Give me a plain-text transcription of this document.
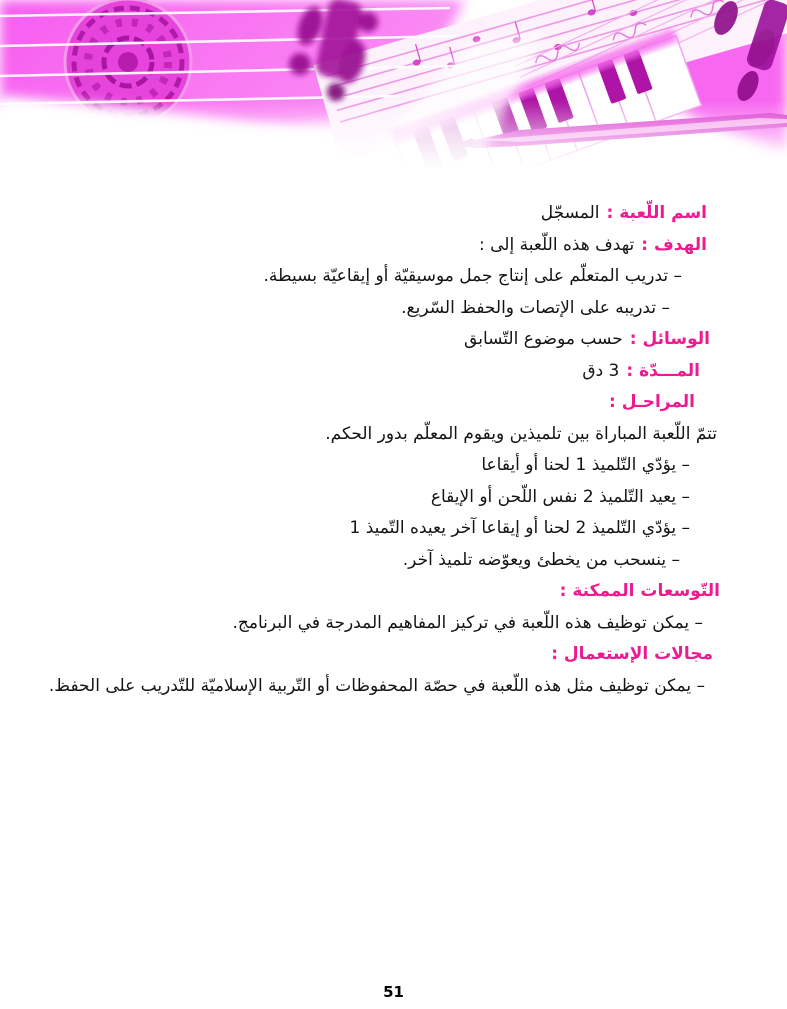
اسم اللّعبة :المسجّل
الهدف :تهدف هذه اللّعبة إلى :
– تدريب المتعلّم على إنتاج جمل موسيقيّة أو إيقاعيّة بسيطة.
– تدريبه على الإتصات والحفظ السّريع.
الوسائل :حسب موضوع التّسابق
المـــدّة :3 دق
المراحـل :
تتمّ اللّعبة المباراة بين تلميذين ويقوم المعلّم بدور الحكم.
– يؤدّي التّلميذ 1 لحنا أو أيقاعا
– يعيد التّلميذ 2 نفس اللّحن أو الإيقاع
– يؤدّي التّلميذ 2 لحنا أو إيقاعا آخر يعيده التّميذ 1
– ينسحب من يخطئ ويعوّضه تلميذ آخر.
التّوسعات الممكنة :
– يمكن توظيف هذه اللّعبة في تركيز المفاهيم المدرجة في البرنامج.
مجالات الإستعمال :
– يمكن توظيف مثل هذه اللّعبة في حصّة المحفوظات أو التّربية الإسلاميّة للتّدريب على الحفظ.
51
